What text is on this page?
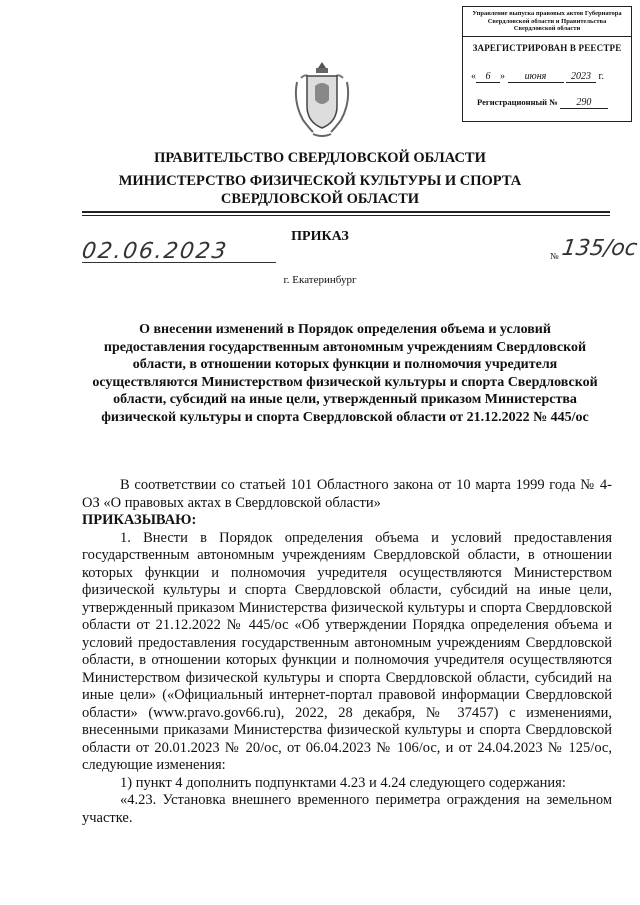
Управление выпуска правовых актов Губернатора Свердловской области и Правительства Свердловской области
ЗАРЕГИСТРИРОВАН В РЕЕСТРЕ
« 6 » июня 2023 г.
Регистрационный № 290
ПРАВИТЕЛЬСТВО СВЕРДЛОВСКОЙ ОБЛАСТИ
МИНИСТЕРСТВО ФИЗИЧЕСКОЙ КУЛЬТУРЫ И СПОРТА
СВЕРДЛОВСКОЙ ОБЛАСТИ
ПРИКАЗ
02.06.2023	№ 135/ос
г. Екатеринбург
О внесении изменений в Порядок определения объема и условий предоставления государственным автономным учреждениям Свердловской области, в отношении которых функции и полномочия учредителя осуществляются Министерством физической культуры и спорта Свердловской области, субсидий на иные цели, утвержденный приказом Министерства физической культуры и спорта Свердловской области от 21.12.2022 № 445/ос

В соответствии со статьей 101 Областного закона от 10 марта 1999 года № 4-ОЗ «О правовых актах в Свердловской области»

ПРИКАЗЫВАЮ:

1. Внести в Порядок определения объема и условий предоставления государственным автономным учреждениям Свердловской области, в отношении которых функции и полномочия учредителя осуществляются Министерством физической культуры и спорта Свердловской области, субсидий на иные цели, утвержденный приказом Министерства физической культуры и спорта Свердловской области от 21.12.2022 № 445/ос «Об утверждении Порядка определения объема и условий предоставления государственным автономным учреждениям Свердловской области, в отношении которых функции и полномочия учредителя осуществляются Министерством физической культуры и спорта Свердловской области, субсидий на иные цели» («Официальный интернет-портал правовой информации Свердловской области» (www.pravo.gov66.ru), 2022, 28 декабря, № 37457) с изменениями, внесенными приказами Министерства физической культуры и спорта Свердловской области от 20.01.2023 № 20/ос, от 06.04.2023 № 106/ос, и от 24.04.2023 № 125/ос, следующие изменения:

1) пункт 4 дополнить подпунктами 4.23 и 4.24 следующего содержания:

«4.23. Установка внешнего временного периметра ограждения на земельном участке.
